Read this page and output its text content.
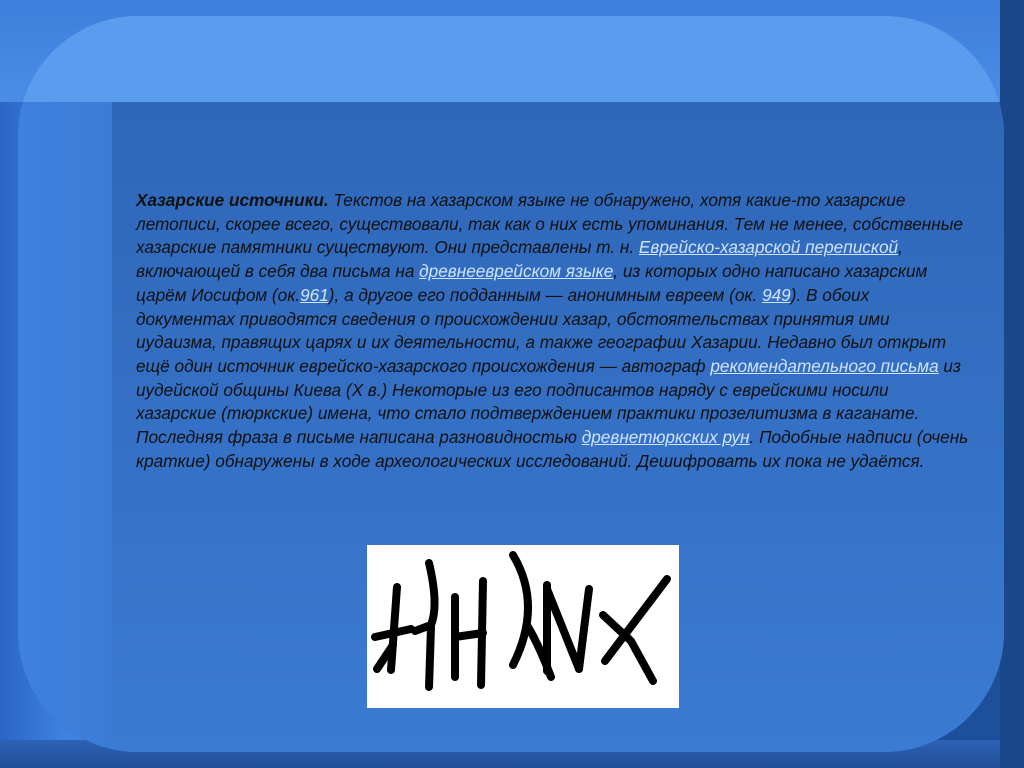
Хазарские источники. Текстов на хазарском языке не обнаружено, хотя какие-то хазарские летописи, скорее всего, существовали, так как о них есть упоминания. Тем не менее, собственные хазарские памятники существуют. Они представлены т. н. Еврейско-хазарской перепиской, включающей в себя два письма на древнееврейском языке, из которых одно написано хазарским царём Иосифом (ок.961), а другое его подданным — анонимным евреем (ок. 949). В обоих документах приводятся сведения о происхождении хазар, обстоятельствах принятия ими иудаизма, правящих царях и их деятельности, а также географии Хазарии. Недавно был открыт ещё один источник еврейско-хазарского происхождения — автограф рекомендательного письма из иудейской общины Киева (X в.) Некоторые из его подписантов наряду с еврейскими носили хазарские (тюркские) имена, что стало подтверждением практики прозелитизма в каганате. Последняя фраза в письме написана разновидностью древнетюркских рун. Подобные надписи (очень краткие) обнаружены в ходе археологических исследований. Дешифровать их пока не удаётся.
